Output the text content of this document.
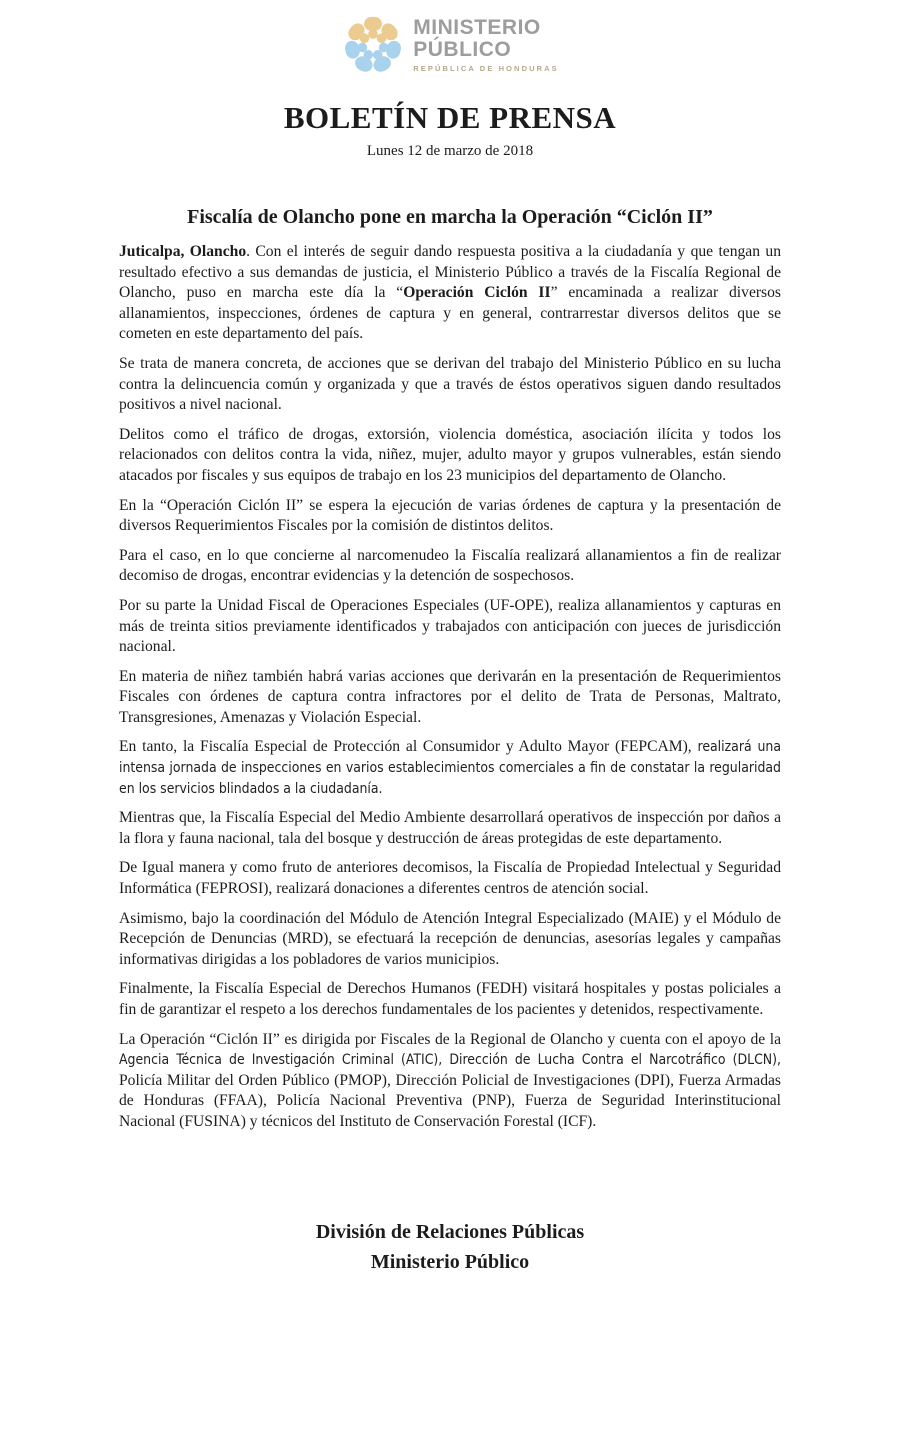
MINISTERIO
PÚBLICO
REPÚBLICA DE HONDURAS
BOLETÍN DE PRENSA
Lunes 12 de marzo de 2018
Fiscalía de Olancho pone en marcha la Operación “Ciclón II”

Juticalpa, Olancho. Con el interés de seguir dando respuesta positiva a la ciudadanía y que tengan un resultado efectivo a sus demandas de justicia, el Ministerio Público a través de la Fiscalía Regional de Olancho, puso en marcha este día la “Operación Ciclón II” encaminada a realizar diversos allanamientos, inspecciones, órdenes de captura y en general, contrarrestar diversos delitos que se cometen en este departamento del país.

Se trata de manera concreta, de acciones que se derivan del trabajo del Ministerio Público en su lucha contra la delincuencia común y organizada y que a través de éstos operativos siguen dando resultados positivos a nivel nacional.

Delitos como el tráfico de drogas, extorsión, violencia doméstica, asociación ilícita y todos los relacionados con delitos contra la vida, niñez, mujer, adulto mayor y grupos vulnerables, están siendo atacados por fiscales y sus equipos de trabajo en los 23 municipios del departamento de Olancho.

En la “Operación Ciclón II” se espera la ejecución de varias órdenes de captura y la presentación de diversos Requerimientos Fiscales por la comisión de distintos delitos.

Para el caso, en lo que concierne al narcomenudeo la Fiscalía realizará allanamientos a fin de realizar decomiso de drogas, encontrar evidencias y la detención de sospechosos.

Por su parte la Unidad Fiscal de Operaciones Especiales (UF-OPE), realiza allanamientos y capturas en más de treinta sitios previamente identificados y trabajados con anticipación con jueces de jurisdicción nacional.

En materia de niñez también habrá varias acciones que derivarán en la presentación de Requerimientos Fiscales con órdenes de captura contra infractores por el delito de Trata de Personas, Maltrato, Transgresiones, Amenazas y Violación Especial.

En tanto, la Fiscalía Especial de Protección al Consumidor y Adulto Mayor (FEPCAM), realizará una intensa jornada de inspecciones en varios establecimientos comerciales a fin de constatar la regularidad en los servicios blindados a la ciudadanía.

Mientras que, la Fiscalía Especial del Medio Ambiente desarrollará operativos de inspección por daños a la flora y fauna nacional, tala del bosque y destrucción de áreas protegidas de este departamento.

De Igual manera y como fruto de anteriores decomisos, la Fiscalía de Propiedad Intelectual y Seguridad Informática (FEPROSI), realizará donaciones a diferentes centros de atención social.

Asimismo, bajo la coordinación del Módulo de Atención Integral Especializado (MAIE) y el Módulo de Recepción de Denuncias (MRD), se efectuará la recepción de denuncias, asesorías legales y campañas informativas dirigidas a los pobladores de varios municipios.

Finalmente, la Fiscalía Especial de Derechos Humanos (FEDH) visitará hospitales y postas policiales a fin de garantizar el respeto a los derechos fundamentales de los pacientes y detenidos, respectivamente.

La Operación “Ciclón II” es dirigida por Fiscales de la Regional de Olancho y cuenta con el apoyo de la Agencia Técnica de Investigación Criminal (ATIC), Dirección de Lucha Contra el Narcotráfico (DLCN), Policía Militar del Orden Público (PMOP), Dirección Policial de Investigaciones (DPI), Fuerza Armadas de Honduras (FFAA), Policía Nacional Preventiva (PNP), Fuerza de Seguridad Interinstitucional Nacional (FUSINA) y técnicos del Instituto de Conservación Forestal (ICF).

División de Relaciones Públicas
Ministerio Público
